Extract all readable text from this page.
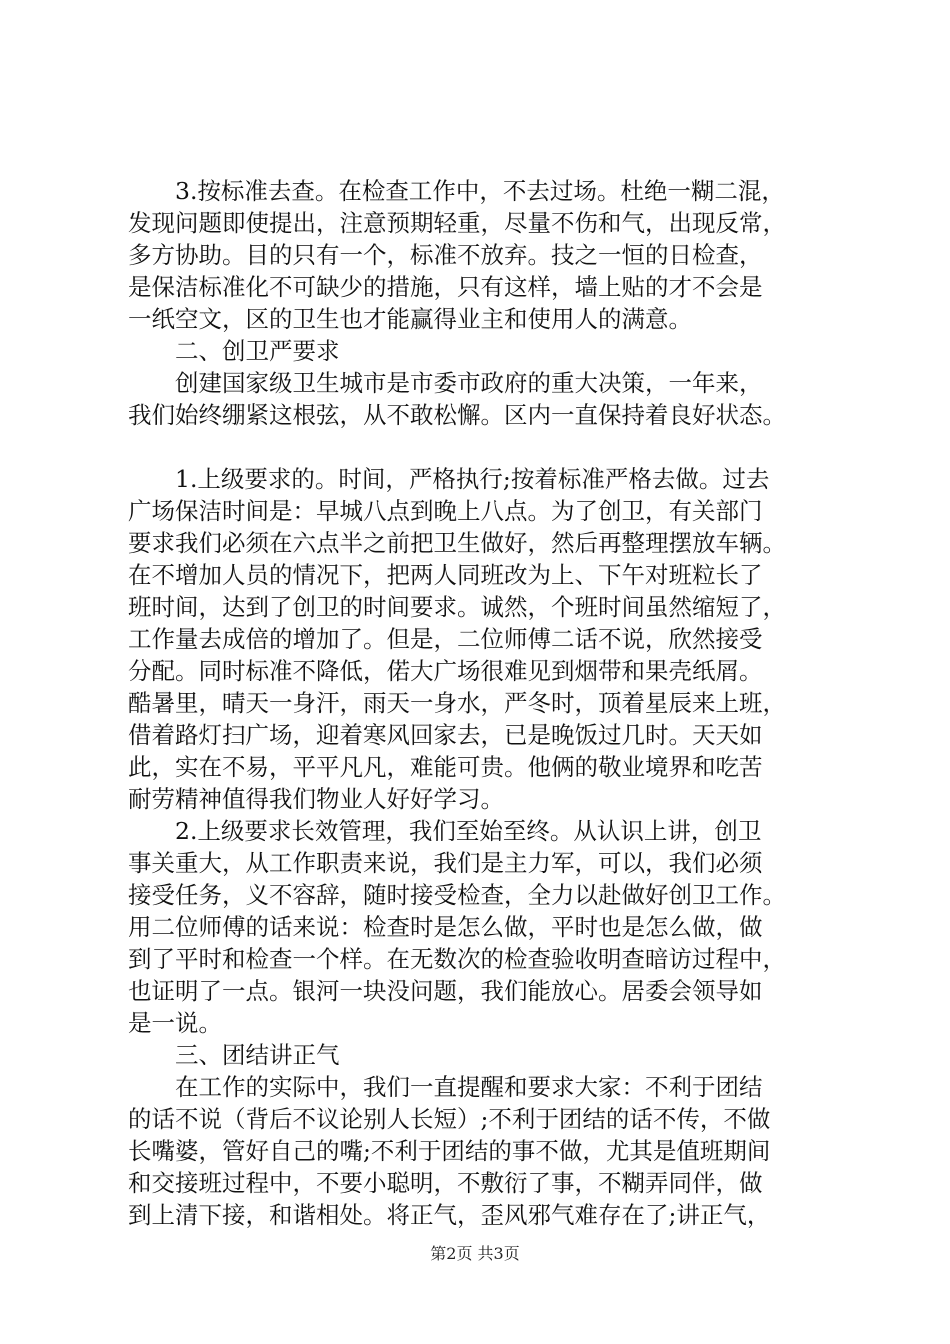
　　3.按标准去查。在检查工作中，不去过场。杜绝一糊二混，
发现问题即使提出，注意预期轻重，尽量不伤和气，出现反常，
多方协助。目的只有一个，标准不放弃。技之一恒的日检查，
是保洁标准化不可缺少的措施，只有这样，墙上贴的才不会是
一纸空文，区的卫生也才能赢得业主和使用人的满意。
　　二、创卫严要求
　　创建国家级卫生城市是市委市政府的重大决策，一年来，
我们始终绷紧这根弦，从不敢松懈。区内一直保持着良好状态。
　　1.上级要求的。时间，严格执行;按着标准严格去做。过去
广场保洁时间是：早城八点到晚上八点。为了创卫，有关部门
要求我们必须在六点半之前把卫生做好，然后再整理摆放车辆。
在不增加人员的情况下，把两人同班改为上、下午对班粒长了
班时间，达到了创卫的时间要求。诚然，个班时间虽然缩短了，
工作量去成倍的增加了。但是，二位师傅二话不说，欣然接受
分配。同时标准不降低，偌大广场很难见到烟带和果壳纸屑。
酷暑里，晴天一身汗，雨天一身水，严冬时，顶着星辰来上班，
借着路灯扫广场，迎着寒风回家去，已是晚饭过几时。天天如
此，实在不易，平平凡凡，难能可贵。他俩的敬业境界和吃苦
耐劳精神值得我们物业人好好学习。
　　2.上级要求长效管理，我们至始至终。从认识上讲，创卫
事关重大，从工作职责来说，我们是主力军，可以，我们必须
接受任务，义不容辞，随时接受检查，全力以赴做好创卫工作。
用二位师傅的话来说：检查时是怎么做，平时也是怎么做，做
到了平时和检查一个样。在无数次的检查验收明查暗访过程中，
也证明了一点。银河一块没问题，我们能放心。居委会领导如
是一说。
　　三、团结讲正气
　　在工作的实际中，我们一直提醒和要求大家：不利于团结
的话不说（背后不议论别人长短）;不利于团结的话不传，不做
长嘴婆，管好自己的嘴;不利于团结的事不做，尤其是值班期间
和交接班过程中，不要小聪明，不敷衍了事，不糊弄同伴，做
到上清下接，和谐相处。将正气，歪风邪气难存在了;讲正气，
第2页 共3页
